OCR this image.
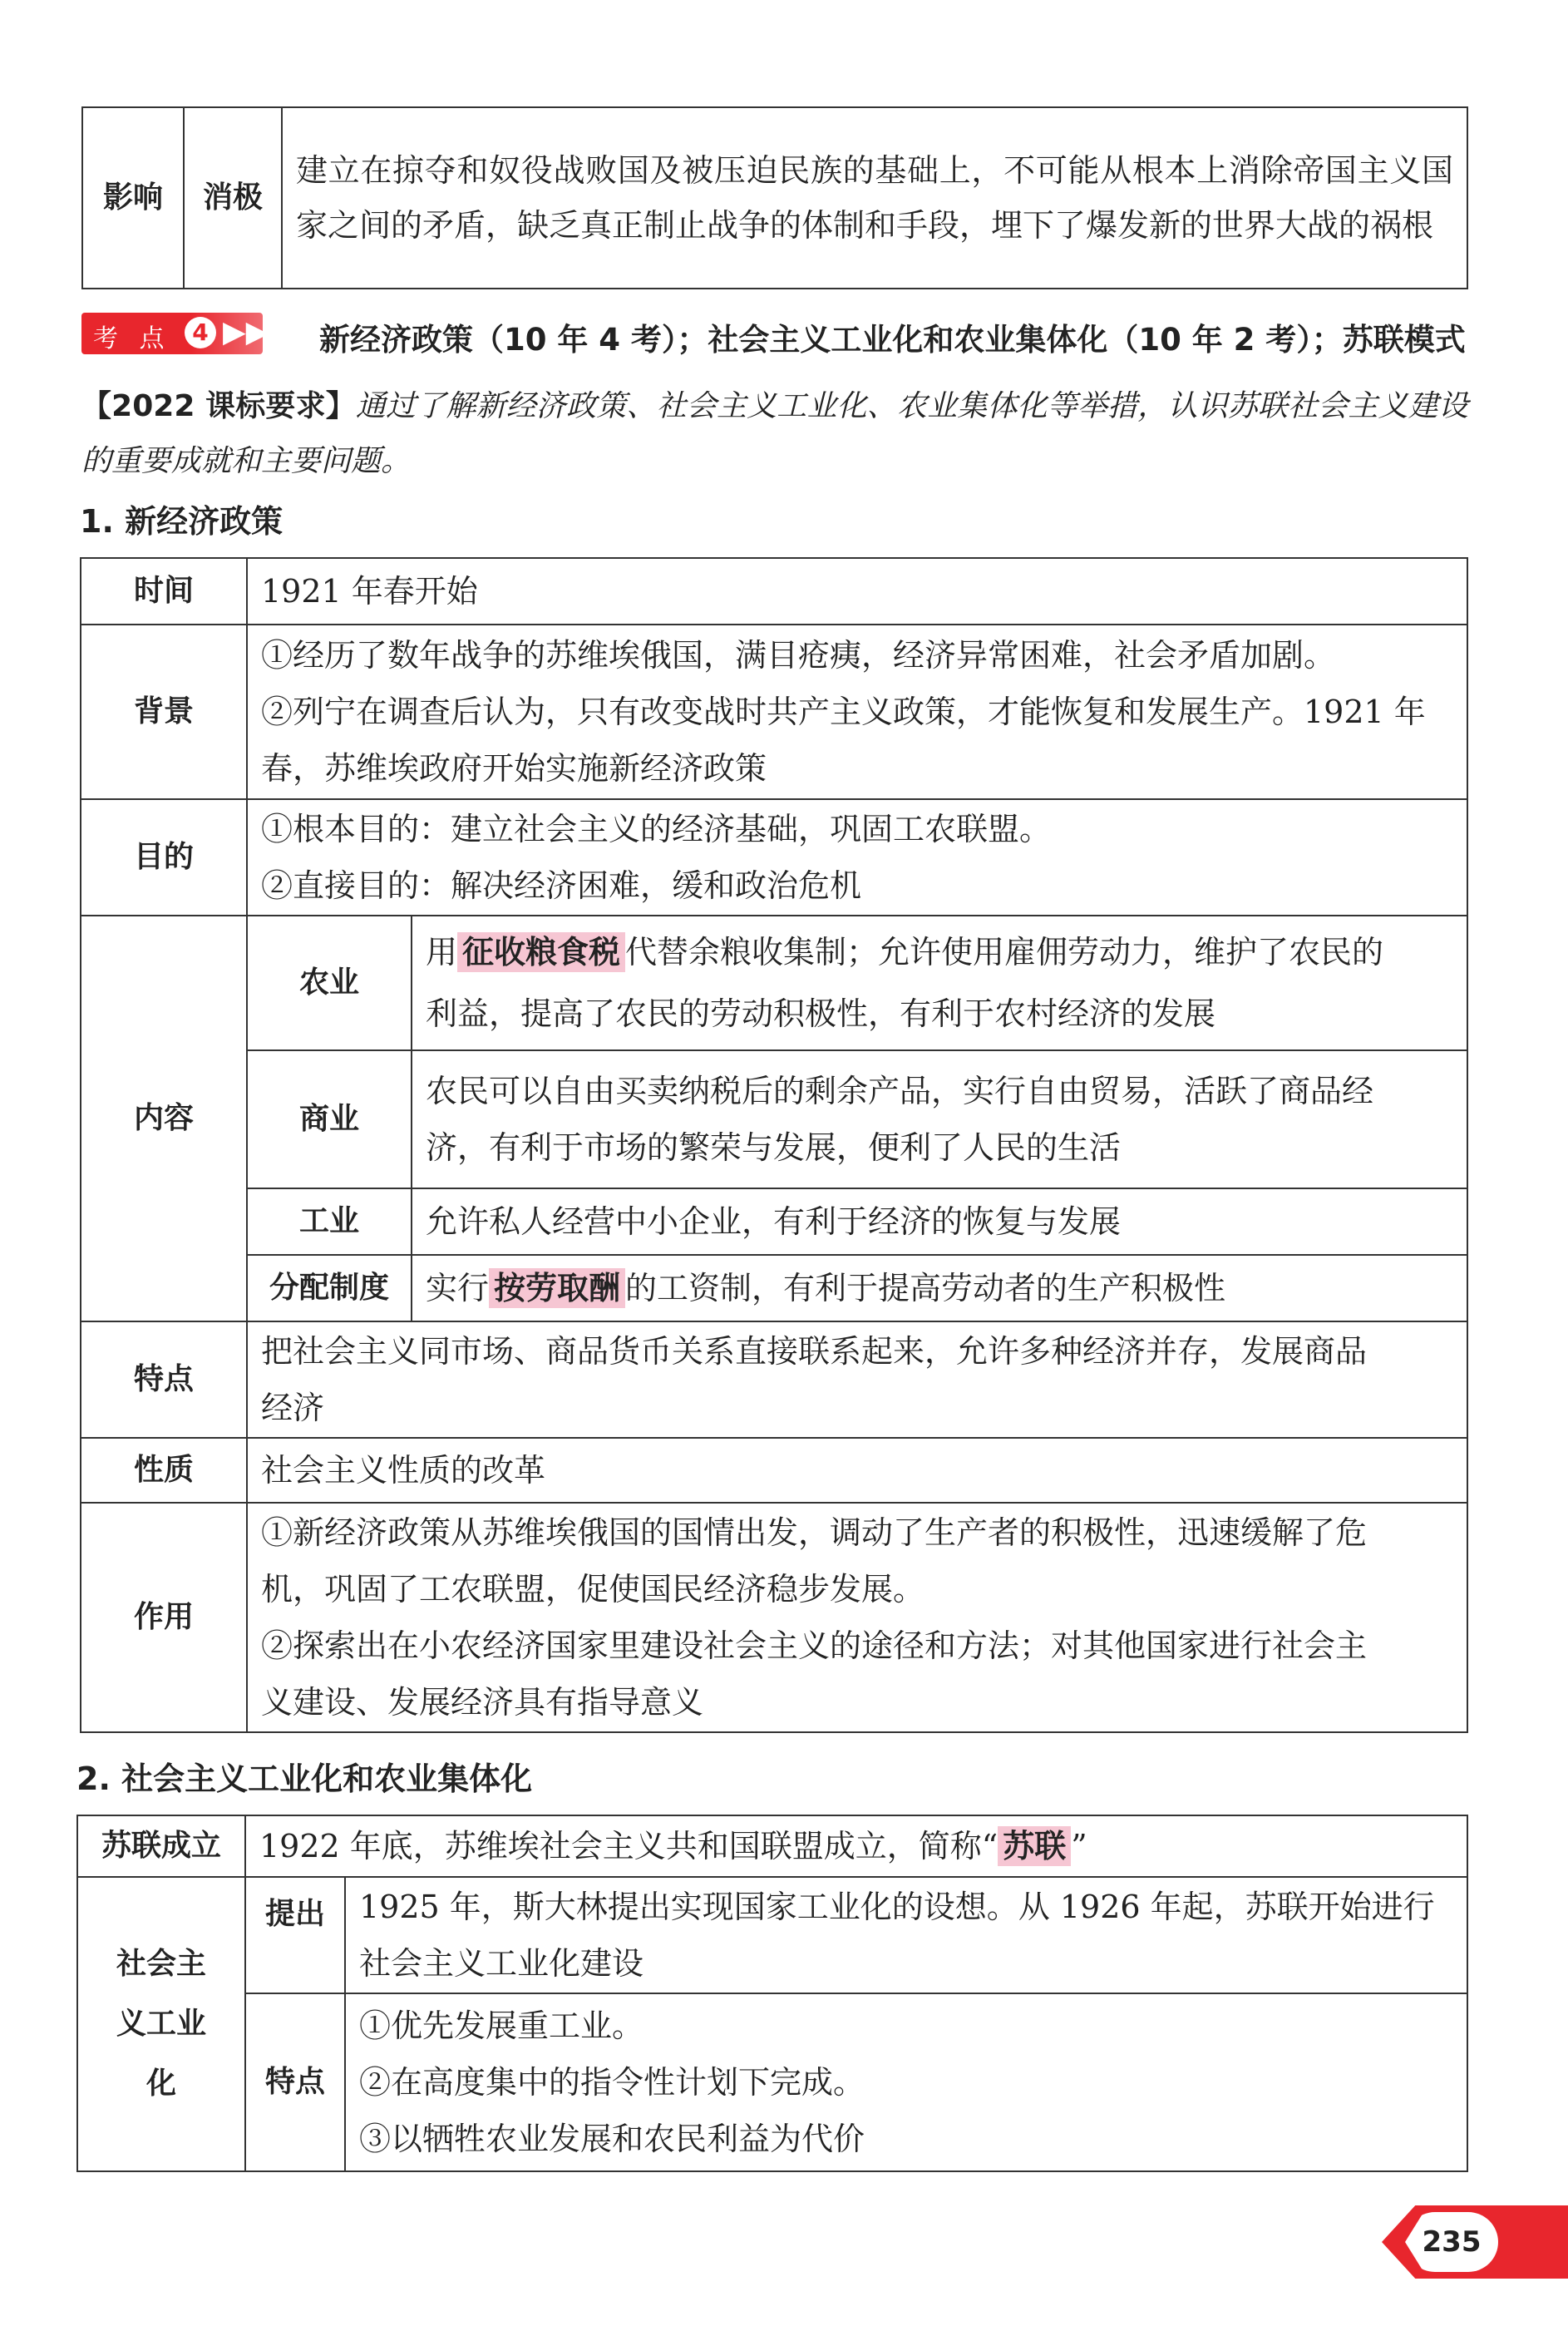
影响	消极	建立在掠夺和奴役战败国及被压迫民族的基础上，不可能从根本上消除帝国主义国家之间的矛盾，缺乏真正制止战争的体制和手段，埋下了爆发新的世界大战的祸根
考 点 4 ▶▶ 新经济政策（10 年 4 考）；社会主义工业化和农业集体化（10 年 2 考）；苏联模式
【2022 课标要求】通过了解新经济政策、社会主义工业化、农业集体化等举措，认识苏联社会主义建设的重要成就和主要问题。
1. 新经济政策
时间	1921 年春开始	
背景	①经历了数年战争的苏维埃俄国，满目疮痍，经济异常困难，社会矛盾加剧。
②列宁在调查后认为，只有改变战时共产主义政策，才能恢复和发展生产。1921 年
春，苏维埃政府开始实施新经济政策	

目的	①根本目的：建立社会主义的经济基础，巩固工农联盟。
②直接目的：解决经济困难，缓和政治危机	

内容	农业	用 征收粮食税 代替余粮收集制；允许使用雇佣劳动力，维护了农民的
利益，提高了农民的劳动积极性，有利于农村经济的发展

	商业	农民可以自由买卖纳税后的剩余产品，实行自由贸易，活跃了商品经
济，有利于市场的繁荣与发展，便利了人民的生活

	工业	允许私人经营中小企业，有利于经济的恢复与发展
	分配制度	实行 按劳取酬 的工资制，有利于提高劳动者的生产积极性
特点	把社会主义同市场、商品货币关系直接联系起来，允许多种经济并存，发展商品
经济	

性质	社会主义性质的改革	
作用	①新经济政策从苏维埃俄国的国情出发，调动了生产者的积极性，迅速缓解了危
机，巩固了工农联盟，促使国民经济稳步发展。
②探索出在小农经济国家里建设社会主义的途径和方法；对其他国家进行社会主
义建设、发展经济具有指导意义	
2. 社会主义工业化和农业集体化
苏联成立	1922 年底，苏维埃社会主义共和国联盟成立，简称“ 苏联 ”	

社会主
义工业
化	提出	1925 年，斯大林提出实现国家工业化的设想。从 1926 年起，苏联开始进行
社会主义工业化建设

	特点	①优先发展重工业。
②在高度集中的指令性计划下完成。
③以牺牲农业发展和农民利益为代价
235
